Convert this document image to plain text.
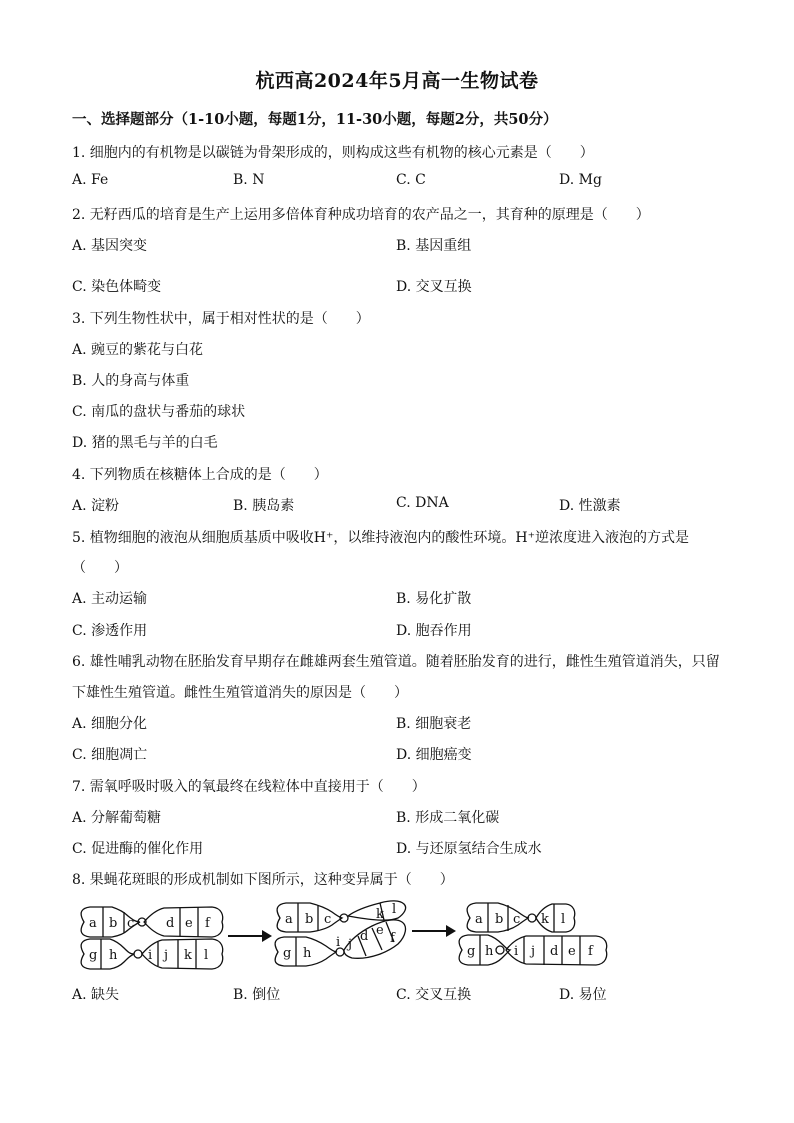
杭西高2024年5月高一生物试卷
一、选择题部分（1-10小题，每题1分，11-30小题，每题2分，共50分）
1. 细胞内的有机物是以碳链为骨架形成的，则构成这些有机物的核心元素是（　　）
A. Fe	B. N	C. C	D. Mg
2. 无籽西瓜的培育是生产上运用多倍体育种成功培育的农产品之一，其育种的原理是（　　）
A. 基因突变	B. 基因重组
C. 染色体畸变	D. 交叉互换
3. 下列生物性状中，属于相对性状的是（　　）
A. 豌豆的紫花与白花
B. 人的身高与体重
C. 南瓜的盘状与番茄的球状
D. 猪的黑毛与羊的白毛
4. 下列物质在核糖体上合成的是（　　）
A. 淀粉	B. 胰岛素	C. DNA	D. 性激素
5. 植物细胞的液泡从细胞质基质中吸收H⁺，以维持液泡内的酸性环境。H⁺逆浓度进入液泡的方式是
（　　）
A. 主动运输	B. 易化扩散
C. 渗透作用	D. 胞吞作用
6. 雄性哺乳动物在胚胎发育早期存在雌雄两套生殖管道。随着胚胎发育的进行，雌性生殖管道消失，只留
下雄性生殖管道。雌性生殖管道消失的原因是（　　）
A. 细胞分化	B. 细胞衰老
C. 细胞凋亡	D. 细胞癌变
7. 需氧呼吸时吸入的氧最终在线粒体中直接用于（　　）
A. 分解葡萄糖	B. 形成二氧化碳
C. 促进酶的催化作用	D. 与还原氢结合生成水
8. 果蝇花斑眼的形成机制如下图所示，这种变异属于（　　）
a b c d e f
g h i j k l
a b c	k l
j
d e
f
g h
i
a b c k l
g h i j d e f
A. 缺失	B. 倒位	C. 交叉互换	D. 易位
